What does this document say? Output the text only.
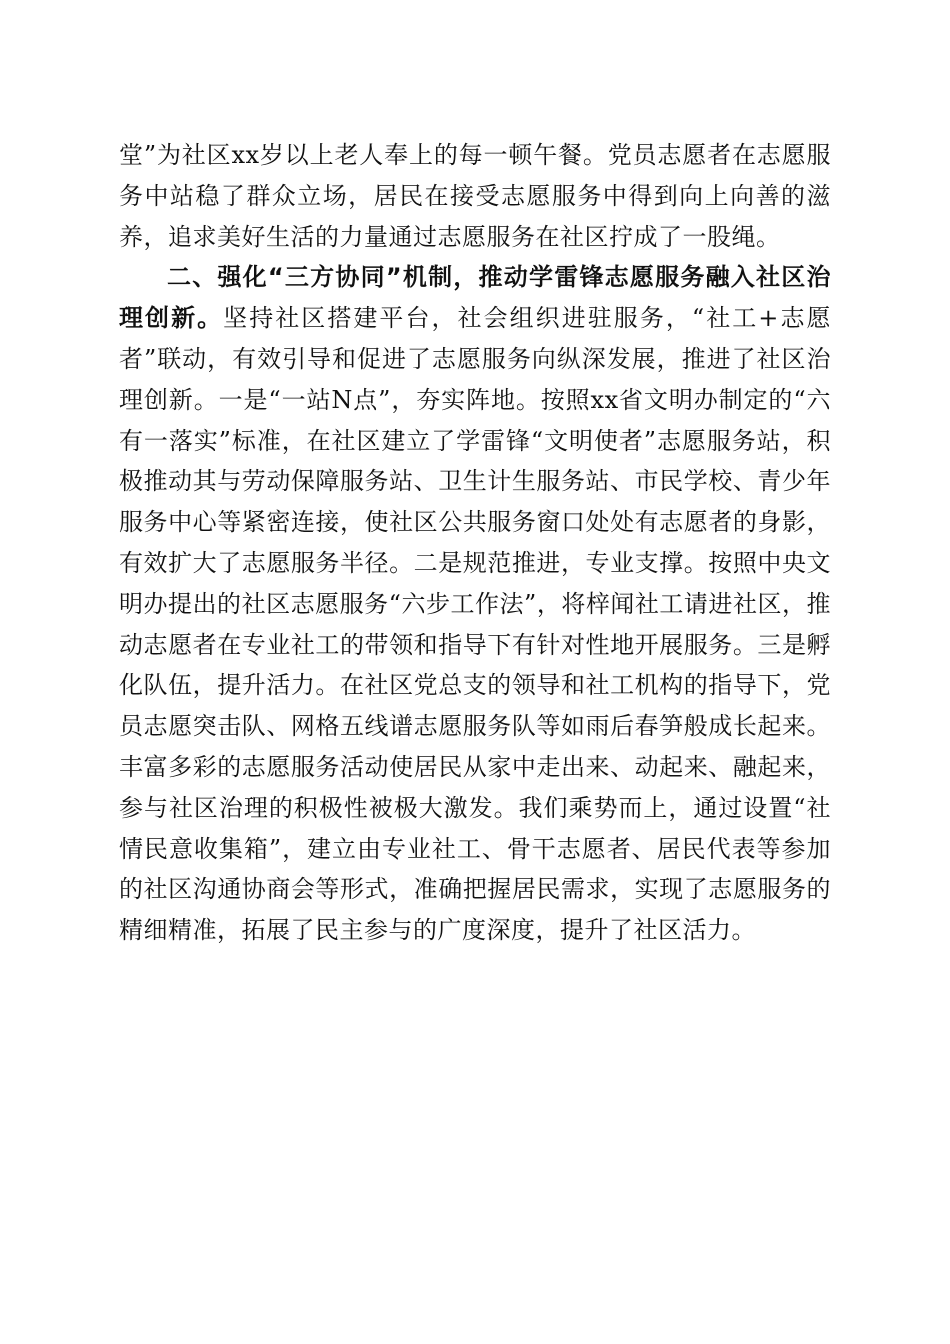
堂”为社区xx岁以上老人奉上的每一顿午餐。党员志愿者在志愿服务中站稳了群众立场，居民在接受志愿服务中得到向上向善的滋养，追求美好生活的力量通过志愿服务在社区拧成了一股绳。

二、强化“三方协同”机制，推动学雷锋志愿服务融入社区治理创新。坚持社区搭建平台，社会组织进驻服务，“社工+志愿者”联动，有效引导和促进了志愿服务向纵深发展，推进了社区治理创新。一是“一站N点”，夯实阵地。按照xx省文明办制定的“六有一落实”标准，在社区建立了学雷锋“文明使者”志愿服务站，积极推动其与劳动保障服务站、卫生计生服务站、市民学校、青少年服务中心等紧密连接，使社区公共服务窗口处处有志愿者的身影，有效扩大了志愿服务半径。二是规范推进，专业支撑。按照中央文明办提出的社区志愿服务“六步工作法”，将梓闻社工请进社区，推动志愿者在专业社工的带领和指导下有针对性地开展服务。三是孵化队伍，提升活力。在社区党总支的领导和社工机构的指导下，党员志愿突击队、网格五线谱志愿服务队等如雨后春笋般成长起来。丰富多彩的志愿服务活动使居民从家中走出来、动起来、融起来，参与社区治理的积极性被极大激发。我们乘势而上，通过设置“社情民意收集箱”，建立由专业社工、骨干志愿者、居民代表等参加的社区沟通协商会等形式，准确把握居民需求，实现了志愿服务的精细精准，拓展了民主参与的广度深度，提升了社区活力。
